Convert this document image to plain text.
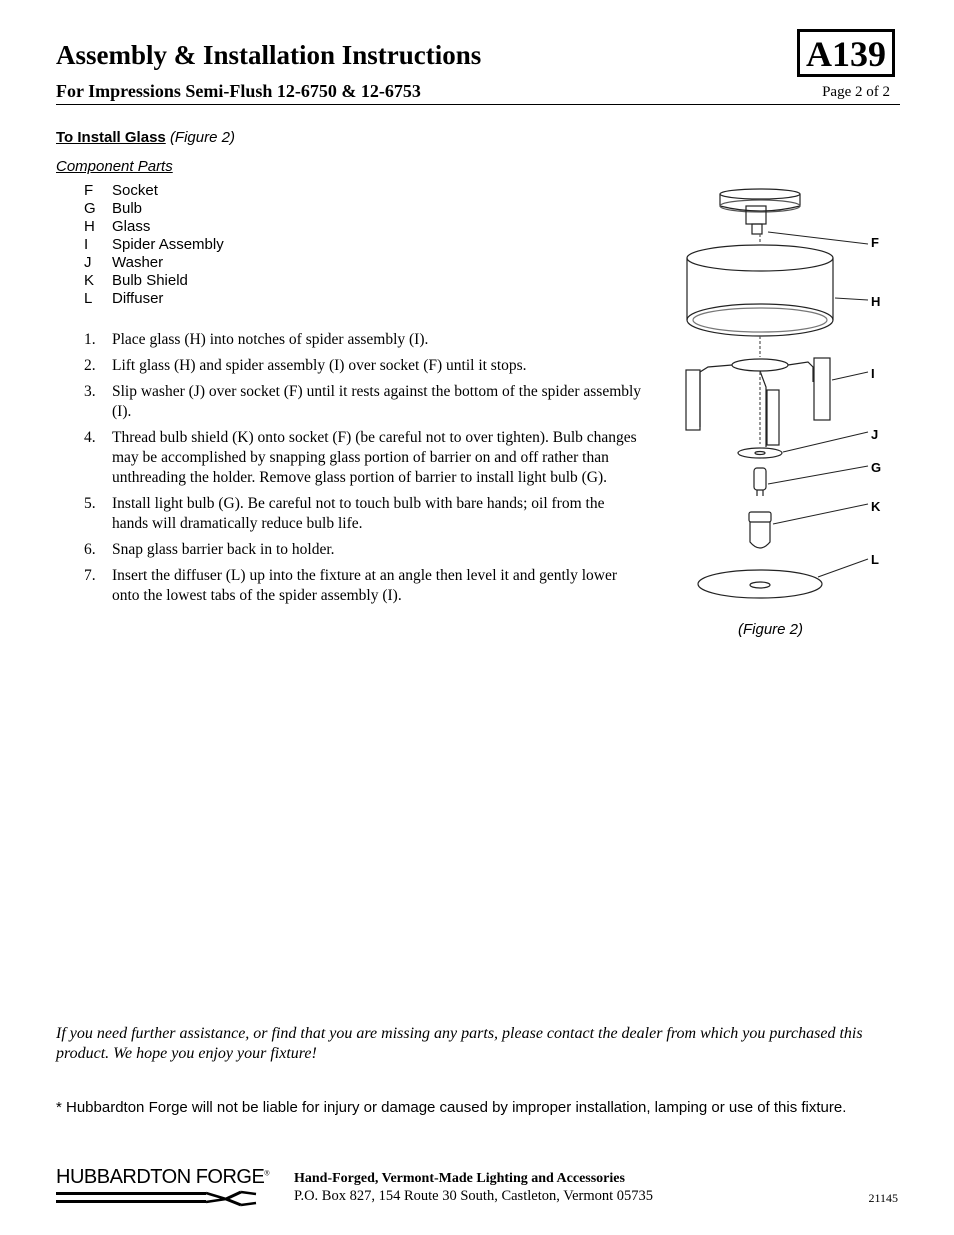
Assembly & Installation Instructions	A139
For Impressions Semi-Flush 12-6750 & 12-6753	Page 2 of 2
To Install Glass (Figure 2)
Component Parts
F Socket
G Bulb
H Glass
I Spider Assembly
J Washer
K Bulb Shield
L Diffuser
1.	Place glass (H) into notches of spider assembly (I).
2.	Lift glass (H) and spider assembly (I) over socket (F) until it stops.
3.	Slip washer (J) over socket (F) until it rests against the bottom of the spider assembly (I).
4.	Thread bulb shield (K) onto socket (F) (be careful not to over tighten). Bulb changes may be accomplished by snapping glass portion of barrier on and off rather than unthreading the holder. Remove glass portion of barrier to install light bulb (G).
5.	Install light bulb (G). Be careful not to touch bulb with bare hands; oil from the hands will dramatically reduce bulb life.
6.	Snap glass barrier back in to holder.
7.	Insert the diffuser (L) up into the fixture at an angle then level it and gently lower onto the lowest tabs of the spider assembly (I).
F
H
I
J
G
K
L
(Figure 2)
If you need further assistance, or find that you are missing any parts, please contact the dealer from which you purchased this product. We hope you enjoy your fixture!
* Hubbardton Forge will not be liable for injury or damage caused by improper installation, lamping or use of this fixture.
HUBBARDTON FORGE® Hand-Forged, Vermont-Made Lighting and Accessories
P.O. Box 827, 154 Route 30 South, Castleton, Vermont 05735	21145
